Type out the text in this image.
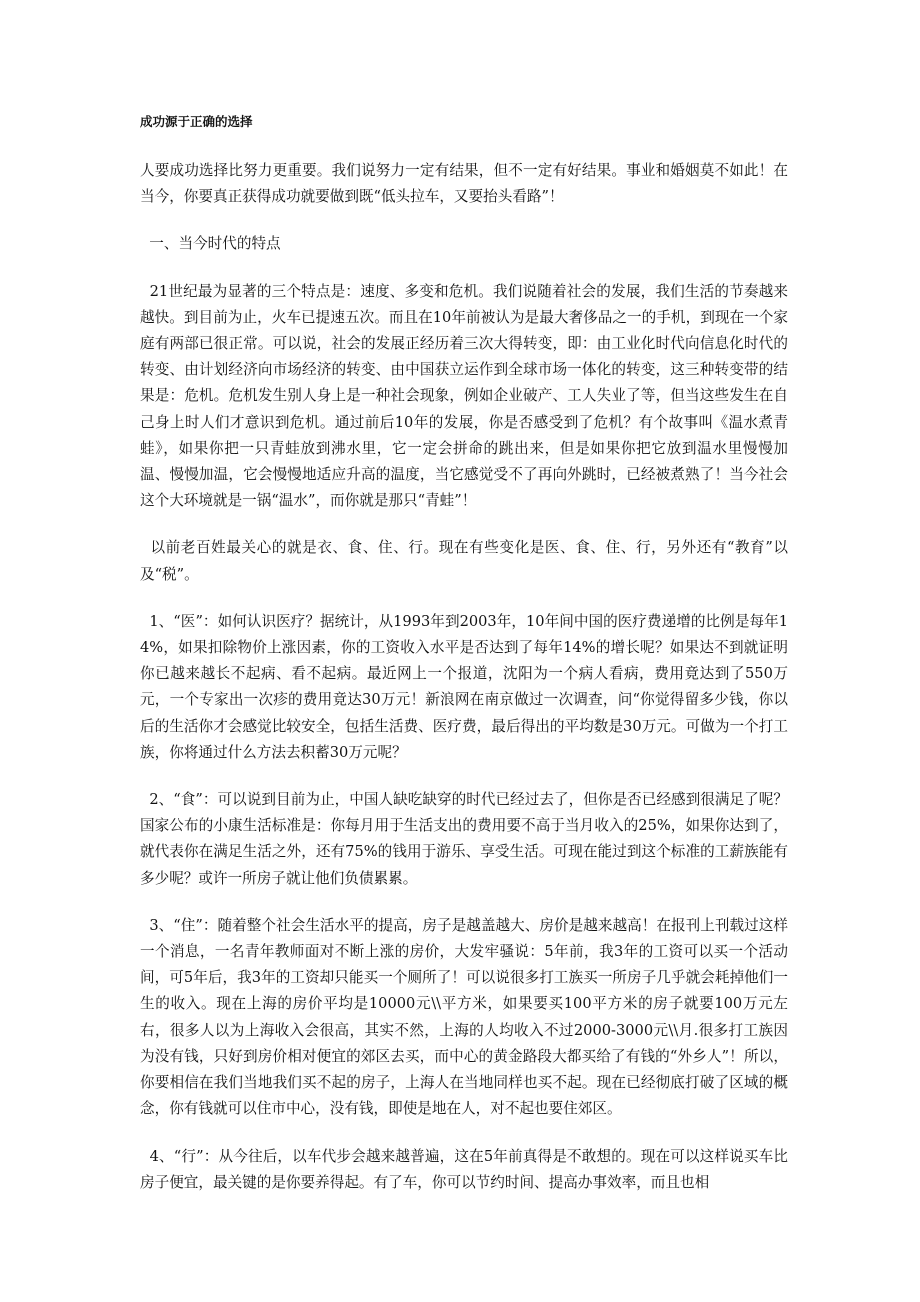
成功源于正确的选择

人要成功选择比努力更重要。我们说努力一定有结果，但不一定有好结果。事业和婚姻莫不如此！在当今，你要真正获得成功就要做到既“低头拉车，又要抬头看路”！

一、当今时代的特点

21世纪最为显著的三个特点是：速度、多变和危机。我们说随着社会的发展，我们生活的节奏越来越快。到目前为止，火车已提速五次。而且在10年前被认为是最大奢侈品之一的手机，到现在一个家庭有两部已很正常。可以说，社会的发展正经历着三次大得转变，即：由工业化时代向信息化时代的转变、由计划经济向市场经济的转变、由中国获立运作到全球市场一体化的转变，这三种转变带的结果是：危机。危机发生别人身上是一种社会现象，例如企业破产、工人失业了等，但当这些发生在自己身上时人们才意识到危机。通过前后10年的发展，你是否感受到了危机？有个故事叫《温水煮青蛙》，如果你把一只青蛙放到沸水里，它一定会拼命的跳出来，但是如果你把它放到温水里慢慢加温、慢慢加温，它会慢慢地适应升高的温度，当它感觉受不了再向外跳时，已经被煮熟了！当今社会这个大环境就是一锅“温水”，而你就是那只“青蛙”！

以前老百姓最关心的就是衣、食、住、行。现在有些变化是医、食、住、行，另外还有“教育”以及“税”。

1、“医”：如何认识医疗？据统计，从1993年到2003年，10年间中国的医疗费递增的比例是每年14%，如果扣除物价上涨因素，你的工资收入水平是否达到了每年14%的增长呢？如果达不到就证明你已越来越长不起病、看不起病。最近网上一个报道，沈阳为一个病人看病，费用竟达到了550万元，一个专家出一次疹的费用竟达30万元！新浪网在南京做过一次调查，问“你觉得留多少钱，你以后的生活你才会感觉比较安全，包括生活费、医疗费，最后得出的平均数是30万元。可做为一个打工族，你将通过什么方法去积蓄30万元呢？

2、“食”：可以说到目前为止，中国人缺吃缺穿的时代已经过去了，但你是否已经感到很满足了呢？国家公布的小康生活标准是：你每月用于生活支出的费用要不高于当月收入的25%，如果你达到了，就代表你在满足生活之外，还有75%的钱用于游乐、享受生活。可现在能过到这个标准的工薪族能有多少呢？或许一所房子就让他们负债累累。

3、“住”：随着整个社会生活水平的提高，房子是越盖越大、房价是越来越高！在报刊上刊载过这样一个消息，一名青年教师面对不断上涨的房价，大发牢骚说：5年前，我3年的工资可以买一个活动间，可5年后，我3年的工资却只能买一个厕所了！可以说很多打工族买一所房子几乎就会耗掉他们一生的收入。现在上海的房价平均是10000元\\平方米，如果要买100平方米的房子就要100万元左右，很多人以为上海收入会很高，其实不然，上海的人均收入不过2000-3000元\\月.很多打工族因为没有钱，只好到房价相对便宜的郊区去买，而中心的黄金路段大都买给了有钱的“外乡人”！所以，你要相信在我们当地我们买不起的房子，上海人在当地同样也买不起。现在已经彻底打破了区域的概念，你有钱就可以住市中心，没有钱，即使是地在人，对不起也要住郊区。

4、“行”：从今往后，以车代步会越来越普遍，这在5年前真得是不敢想的。现在可以这样说买车比房子便宜，最关键的是你要养得起。有了车，你可以节约时间、提高办事效率，而且也相
